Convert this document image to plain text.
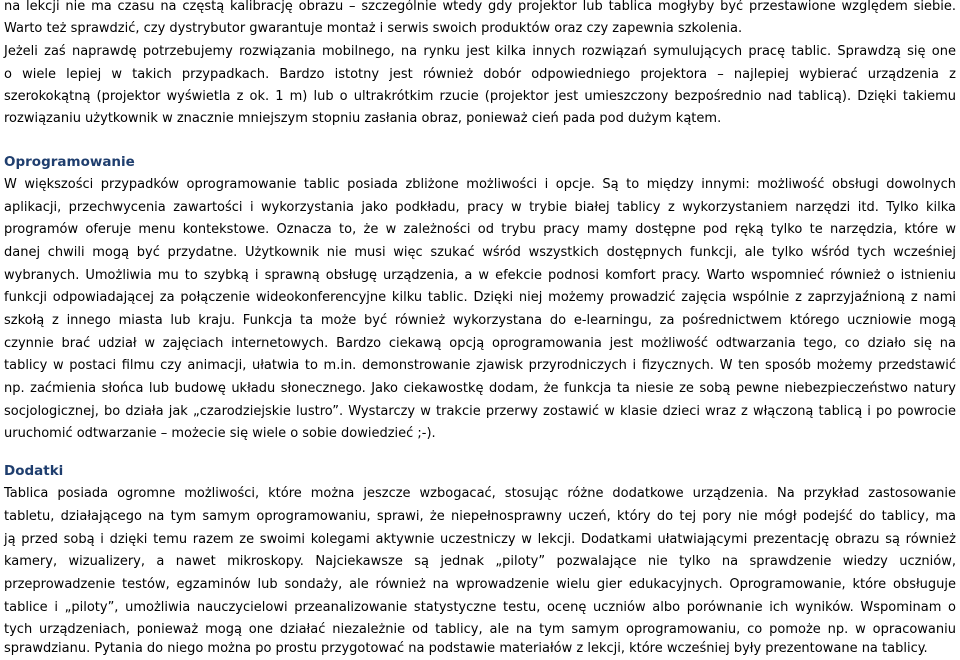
na lekcji nie ma czasu na częstą kalibrację obrazu – szczególnie wtedy gdy projektor lub tablica mogłyby być przestawione względem siebie.
Warto też sprawdzić, czy dystrybutor gwarantuje montaż i serwis swoich produktów oraz czy zapewnia szkolenia.
Jeżeli zaś naprawdę potrzebujemy rozwiązania mobilnego, na rynku jest kilka innych rozwiązań symulujących pracę tablic. Sprawdzą się one
o wiele lepiej w takich przypadkach. Bardzo istotny jest również dobór odpowiedniego projektora – najlepiej wybierać urządzenia z
szerokokątną (projektor wyświetla z ok. 1 m) lub o ultrakrótkim rzucie (projektor jest umieszczony bezpośrednio nad tablicą). Dzięki takiemu
rozwiązaniu użytkownik w znacznie mniejszym stopniu zasłania obraz, ponieważ cień pada pod dużym kątem.
Oprogramowanie
W większości przypadków oprogramowanie tablic posiada zbliżone możliwości i opcje. Są to między innymi: możliwość obsługi dowolnych
aplikacji, przechwycenia zawartości i wykorzystania jako podkładu, pracy w trybie białej tablicy z wykorzystaniem narzędzi itd. Tylko kilka
programów oferuje menu kontekstowe. Oznacza to, że w zależności od trybu pracy mamy dostępne pod ręką tylko te narzędzia, które w
danej chwili mogą być przydatne. Użytkownik nie musi więc szukać wśród wszystkich dostępnych funkcji, ale tylko wśród tych wcześniej
wybranych. Umożliwia mu to szybką i sprawną obsługę urządzenia, a w efekcie podnosi komfort pracy. Warto wspomnieć również o istnieniu
funkcji odpowiadającej za połączenie wideokonferencyjne kilku tablic. Dzięki niej możemy prowadzić zajęcia wspólnie z zaprzyjaźnioną z nami
szkołą z innego miasta lub kraju. Funkcja ta może być również wykorzystana do e-learningu, za pośrednictwem którego uczniowie mogą
czynnie brać udział w zajęciach internetowych. Bardzo ciekawą opcją oprogramowania jest możliwość odtwarzania tego, co działo się na
tablicy w postaci filmu czy animacji, ułatwia to m.in. demonstrowanie zjawisk przyrodniczych i fizycznych. W ten sposób możemy przedstawić
np. zaćmienia słońca lub budowę układu słonecznego. Jako ciekawostkę dodam, że funkcja ta niesie ze sobą pewne niebezpieczeństwo natury
socjologicznej, bo działa jak „czarodziejskie lustro”. Wystarczy w trakcie przerwy zostawić w klasie dzieci wraz z włączoną tablicą i po powrocie
uruchomić odtwarzanie – możecie się wiele o sobie dowiedzieć ;-).
Dodatki
Tablica posiada ogromne możliwości, które można jeszcze wzbogacać, stosując różne dodatkowe urządzenia. Na przykład zastosowanie
tabletu, działającego na tym samym oprogramowaniu, sprawi, że niepełnosprawny uczeń, który do tej pory nie mógł podejść do tablicy, ma
ją przed sobą i dzięki temu razem ze swoimi kolegami aktywnie uczestniczy w lekcji. Dodatkami ułatwiającymi prezentację obrazu są również
kamery, wizualizery, a nawet mikroskopy. Najciekawsze są jednak „piloty” pozwalające nie tylko na sprawdzenie wiedzy uczniów,
przeprowadzenie testów, egzaminów lub sondaży, ale również na wprowadzenie wielu gier edukacyjnych. Oprogramowanie, które obsługuje
tablice i „piloty”, umożliwia nauczycielowi przeanalizowanie statystyczne testu, ocenę uczniów albo porównanie ich wyników. Wspominam o
tych urządzeniach, ponieważ mogą one działać niezależnie od tablicy, ale na tym samym oprogramowaniu, co pomoże np. w opracowaniu
sprawdzianu. Pytania do niego można po prostu przygotować na podstawie materiałów z lekcji, które wcześniej były prezentowane na tablicy.
